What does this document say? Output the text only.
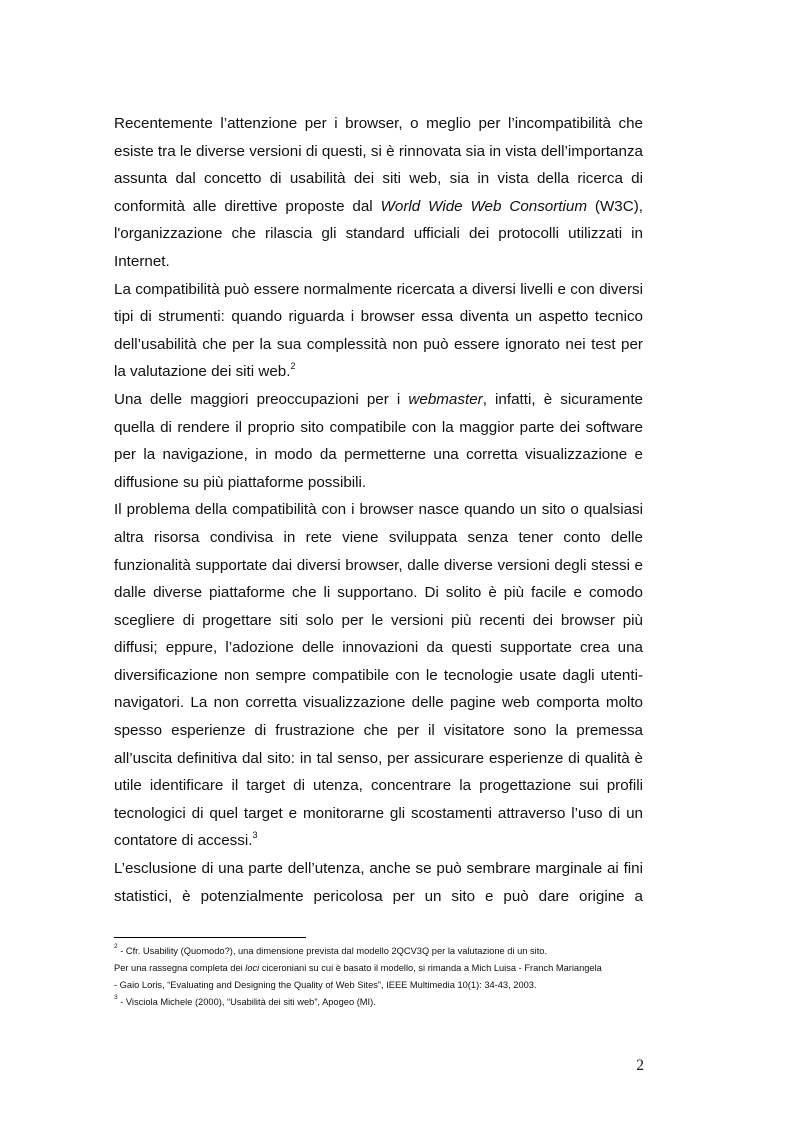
Recentemente l’attenzione per i browser, o meglio per l’incompatibilità che esiste tra le diverse versioni di questi, si è rinnovata sia in vista dell’importanza assunta dal concetto di usabilità dei siti web, sia in vista della ricerca di conformità alle direttive proposte dal World Wide Web Consortium (W3C), l'organizzazione che rilascia gli standard ufficiali dei protocolli utilizzati in Internet.

La compatibilità può essere normalmente ricercata a diversi livelli e con diversi tipi di strumenti: quando riguarda i browser essa diventa un aspetto tecnico dell’usabilità che per la sua complessità non può essere ignorato nei test per la valutazione dei siti web.$^2$

Una delle maggiori preoccupazioni per i webmaster, infatti, è sicuramente quella di rendere il proprio sito compatibile con la maggior parte dei software per la navigazione, in modo da permetterne una corretta visualizzazione e diffusione su più piattaforme possibili.

Il problema della compatibilità con i browser nasce quando un sito o qualsiasi altra risorsa condivisa in rete viene sviluppata senza tener conto delle funzionalità supportate dai diversi browser, dalle diverse versioni degli stessi e dalle diverse piattaforme che li supportano. Di solito è più facile e comodo scegliere di progettare siti solo per le versioni più recenti dei browser più diffusi; eppure, l’adozione delle innovazioni da questi supportate crea una diversificazione non sempre compatibile con le tecnologie usate dagli utenti-navigatori. La non corretta visualizzazione delle pagine web comporta molto spesso esperienze di frustrazione che per il visitatore sono la premessa all’uscita definitiva dal sito: in tal senso, per assicurare esperienze di qualità è utile identificare il target di utenza, concentrare la progettazione sui profili tecnologici di quel target e monitorarne gli scostamenti attraverso l’uso di un contatore di accessi.$^3$

L’esclusione di una parte dell’utenza, anche se può sembrare marginale ai fini statistici, è potenzialmente pericolosa per un sito e può dare origine a

$^2$ - Cfr. Usability (Quomodo?), una dimensione prevista dal modello 2QCV3Q per la valutazione di un sito.

Per una rassegna completa dei loci ciceroniani su cui è basato il modello, si rimanda a Mich Luisa - Franch Mariangela

- Gaio Loris, “Evaluating and Designing the Quality of Web Sites”, IEEE Multimedia 10(1): 34-43, 2003.

$^3$ - Visciola Michele (2000), “Usabilità dei siti web”, Apogeo (MI).

2
